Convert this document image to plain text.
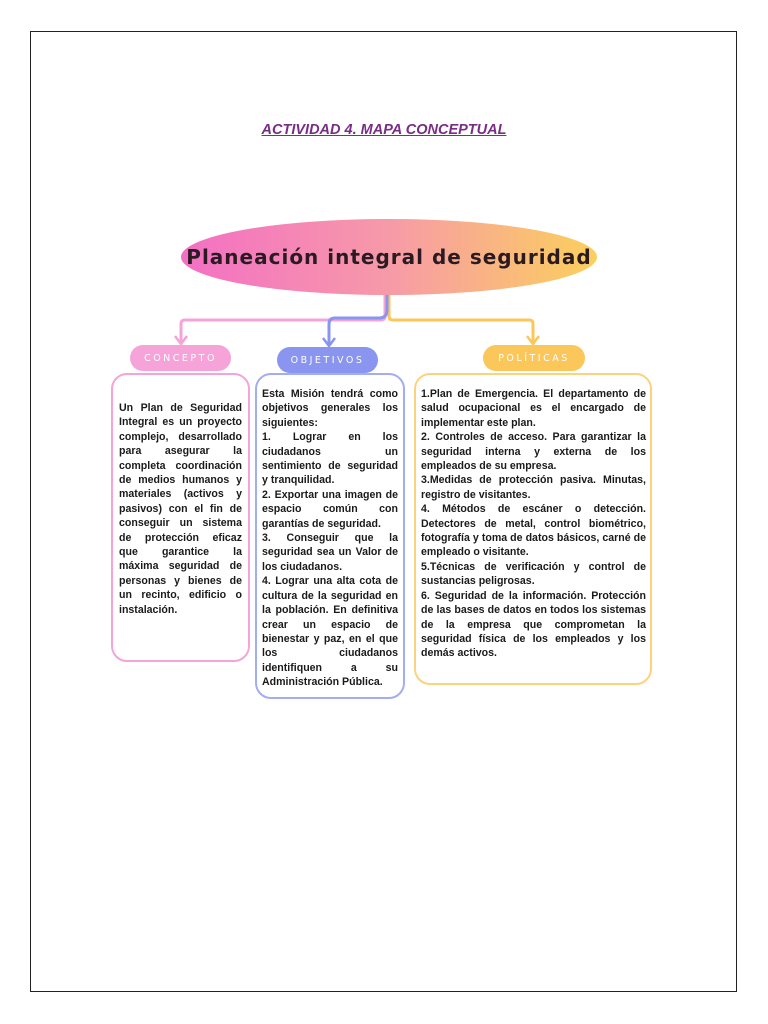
ACTIVIDAD 4. MAPA CONCEPTUAL
Planeación integral de seguridad

Un Plan de Seguridad Integral es un proyecto complejo, desarrollado para asegurar la completa coordinación de medios humanos y materiales (activos y pasivos) con el fin de conseguir un sistema de protección eficaz que garantice la máxima seguridad de personas y bienes de un recinto, edificio o instalación.

Esta Misión tendrá como objetivos generales los siguientes:

1. Lograr en los ciudadanos un sentimiento de seguridad y tranquilidad.

2. Exportar una imagen de espacio común con garantías de seguridad.

3. Conseguir que la seguridad sea un Valor de los ciudadanos.

4. Lograr una alta cota de cultura de la seguridad en la población. En definitiva crear un espacio de bienestar y paz, en el que los ciudadanos identifiquen a su Administración Pública.

1.Plan de Emergencia. El departamento de salud ocupacional es el encargado de implementar este plan.

2. Controles de acceso. Para garantizar la seguridad interna y externa de los empleados de su empresa.

3.Medidas de protección pasiva. Minutas, registro de visitantes.

4. Métodos de escáner o detección. Detectores de metal, control biométrico, fotografía y toma de datos básicos, carné de empleado o visitante.

5.Técnicas de verificación y control de sustancias peligrosas.

6. Seguridad de la información. Protección de las bases de datos en todos los sistemas de la empresa que comprometan la seguridad física de los empleados y los demás activos.

CONCEPTO	OBJETIVOS	POLÍTICAS
